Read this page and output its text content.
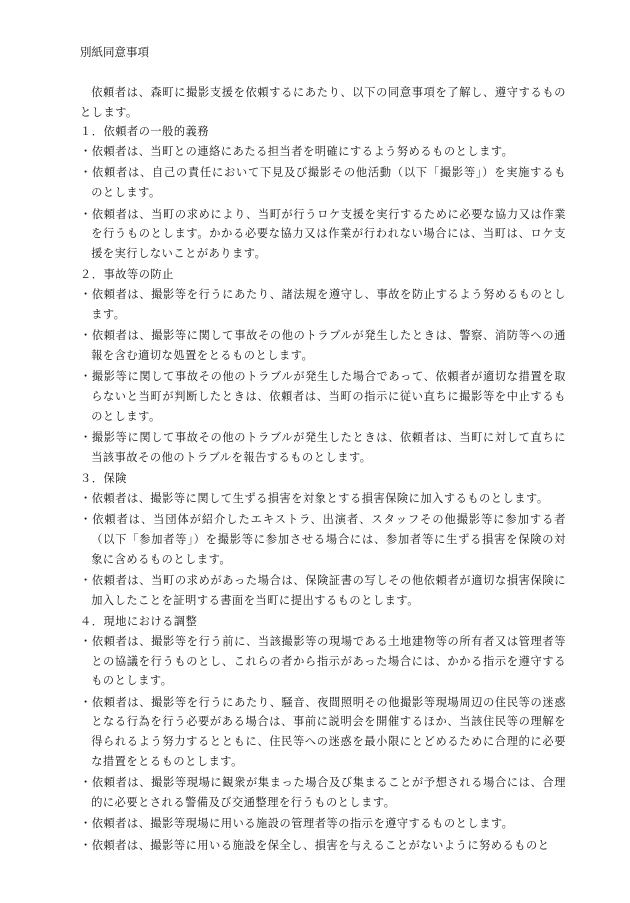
別紙同意事項

依頼者は、森町に撮影支援を依頼するにあたり、以下の同意事項を了解し、遵守するものとします。

１．依頼者の一般的義務

・依頼者は、当町との連絡にあたる担当者を明確にするよう努めるものとします。

・依頼者は、自己の責任において下見及び撮影その他活動（以下「撮影等」）を実施するものとします。

・依頼者は、当町の求めにより、当町が行うロケ支援を実行するために必要な協力又は作業を行うものとします。かかる必要な協力又は作業が行われない場合には、当町は、ロケ支援を実行しないことがあります。

２．事故等の防止

・依頼者は、撮影等を行うにあたり、諸法規を遵守し、事故を防止するよう努めるものとします。

・依頼者は、撮影等に関して事故その他のトラブルが発生したときは、警察、消防等への通報を含む適切な処置をとるものとします。

・撮影等に関して事故その他のトラブルが発生した場合であって、依頼者が適切な措置を取らないと当町が判断したときは、依頼者は、当町の指示に従い直ちに撮影等を中止するものとします。

・撮影等に関して事故その他のトラブルが発生したときは、依頼者は、当町に対して直ちに当該事故その他のトラブルを報告するものとします。

３．保険

・依頼者は、撮影等に関して生ずる損害を対象とする損害保険に加入するものとします。

・依頼者は、当団体が紹介したエキストラ、出演者、スタッフその他撮影等に参加する者（以下「参加者等」）を撮影等に参加させる場合には、参加者等に生ずる損害を保険の対象に含めるものとします。

・依頼者は、当町の求めがあった場合は、保険証書の写しその他依頼者が適切な損害保険に加入したことを証明する書面を当町に提出するものとします。

４．現地における調整

・依頼者は、撮影等を行う前に、当該撮影等の現場である土地建物等の所有者又は管理者等との協議を行うものとし、これらの者から指示があった場合には、かかる指示を遵守するものとします。

・依頼者は、撮影等を行うにあたり、騒音、夜間照明その他撮影等現場周辺の住民等の迷惑となる行為を行う必要がある場合は、事前に説明会を開催するほか、当該住民等の理解を得られるよう努力するとともに、住民等への迷惑を最小限にとどめるために合理的に必要な措置をとるものとします。

・依頼者は、撮影等現場に観衆が集まった場合及び集まることが予想される場合には、合理的に必要とされる警備及び交通整理を行うものとします。

・依頼者は、撮影等現場に用いる施設の管理者等の指示を遵守するものとします。

・依頼者は、撮影等に用いる施設を保全し、損害を与えることがないように努めるものと
